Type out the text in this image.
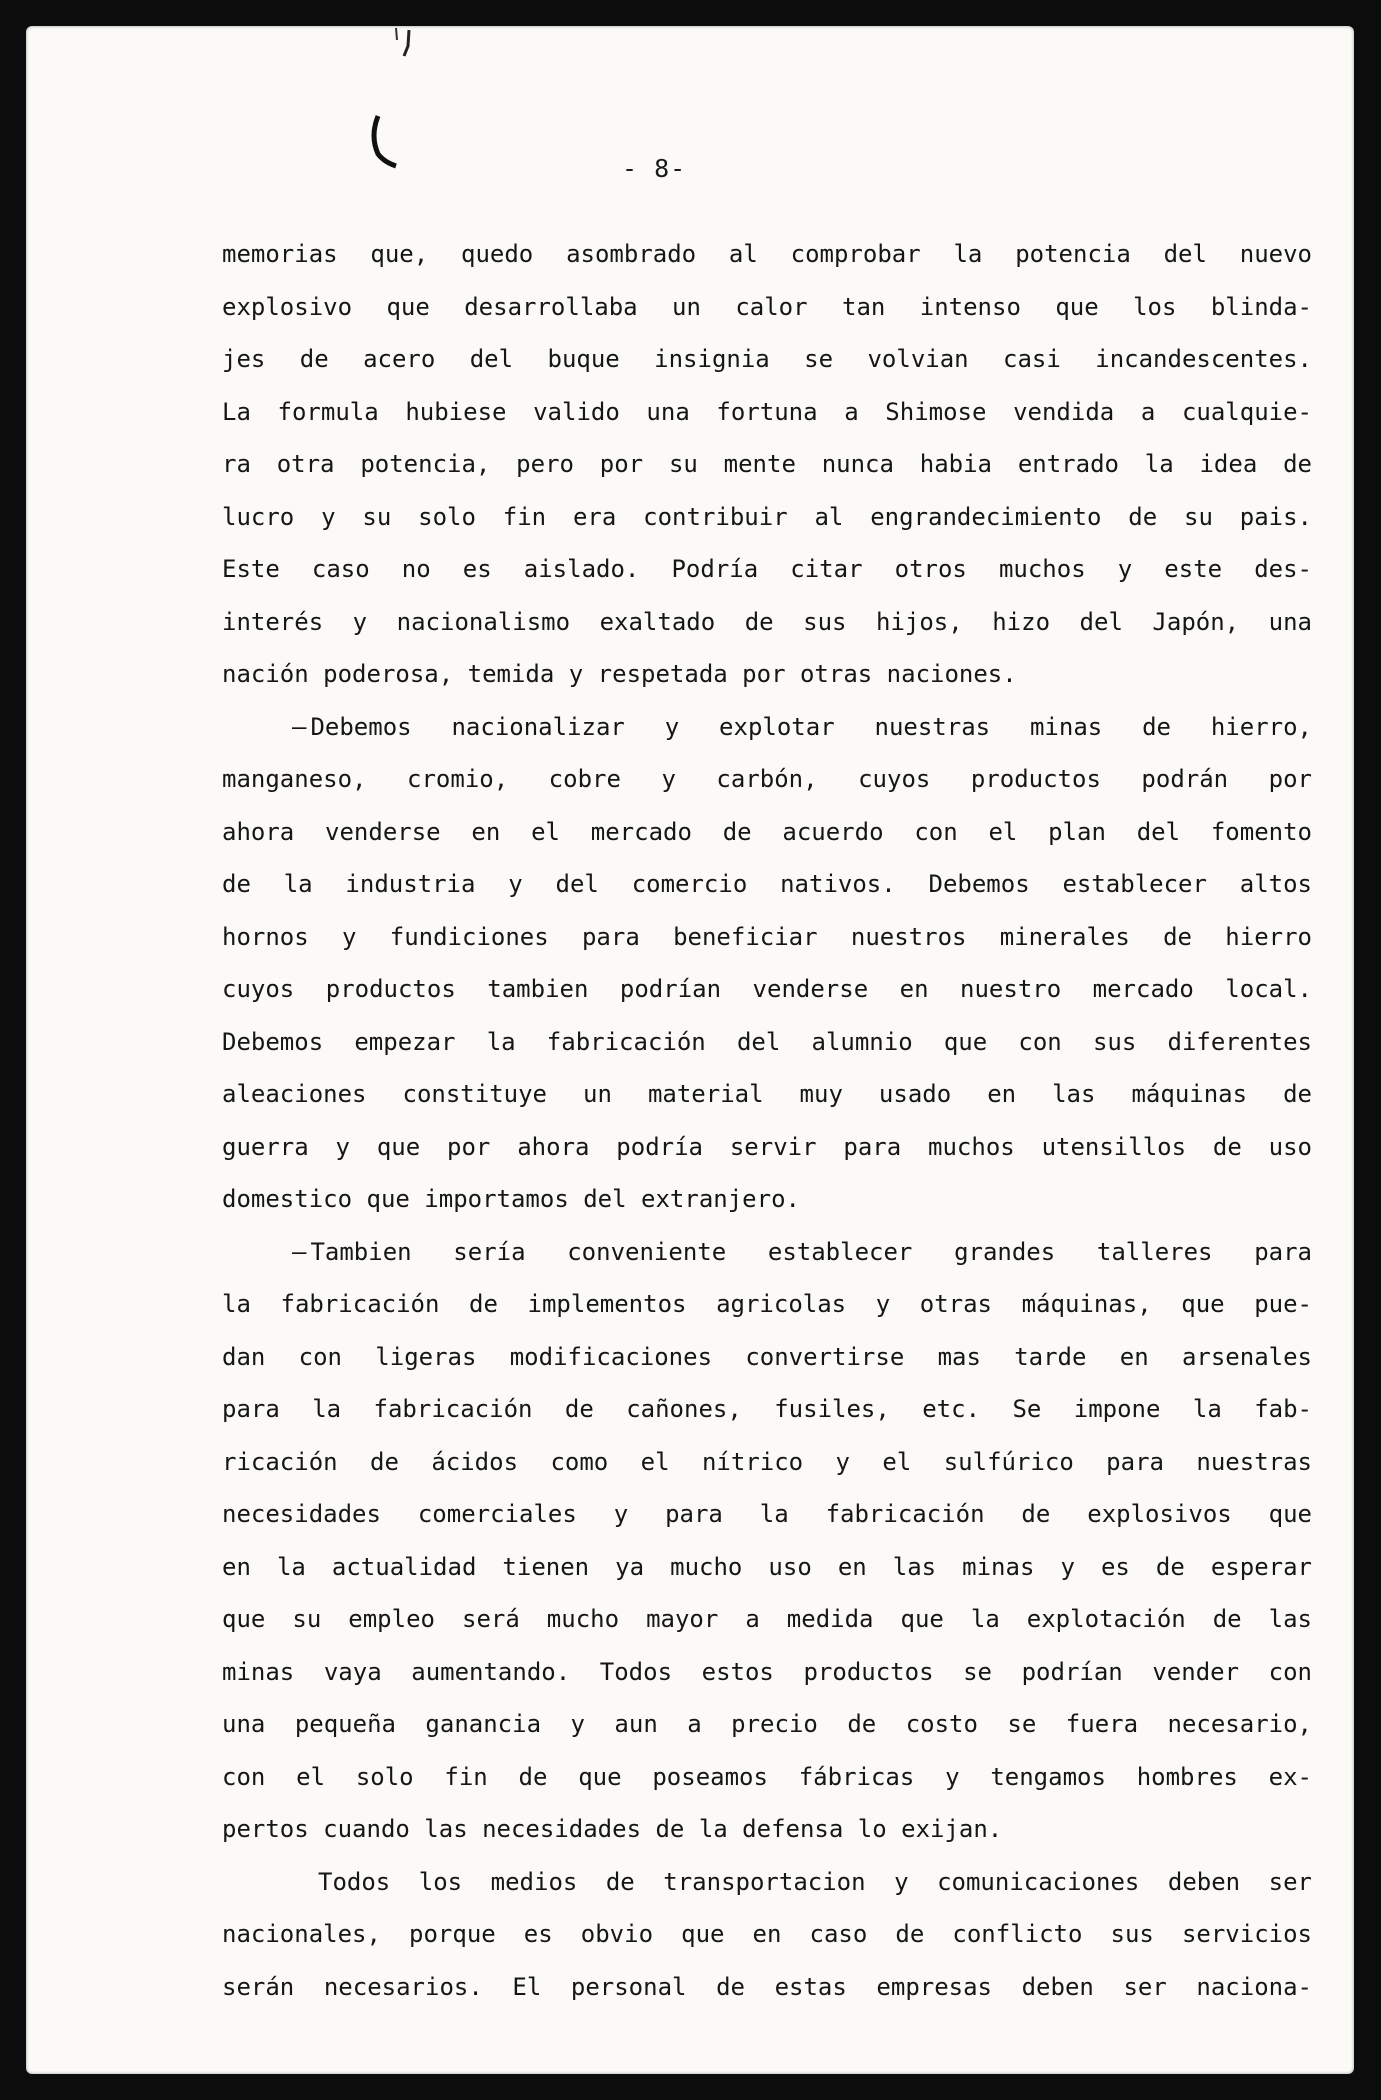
- 8-
memorias que, quedo asombrado al comprobar la potencia del nuevo
explosivo que desarrollaba un calor tan intenso que los blinda-
jes de acero del buque insignia se volvian casi incandescentes.
La formula hubiese valido una fortuna a Shimose vendida a cualquie-
ra otra potencia, pero por su mente nunca habia entrado la idea de
lucro y su solo fin era contribuir al engrandecimiento de su pais.
Este caso no es aislado. Podría citar otros muchos y este des-
interés y nacionalismo exaltado de sus hijos, hizo del Japón, una
nación poderosa, temida y respetada por otras naciones.
– Debemos nacionalizar y explotar nuestras minas de hierro,
manganeso, cromio, cobre y carbón, cuyos productos podrán por
ahora venderse en el mercado de acuerdo con el plan del fomento
de la industria y del comercio nativos. Debemos establecer altos
hornos y fundiciones para beneficiar nuestros minerales de hierro
cuyos productos tambien podrían venderse en nuestro mercado local.
Debemos empezar la fabricación del alumnio que con sus diferentes
aleaciones constituye un material muy usado en las máquinas de
guerra y que por ahora podría servir para muchos utensillos de uso
domestico que importamos del extranjero.
– Tambien sería conveniente establecer grandes talleres para
la fabricación de implementos agricolas y otras máquinas, que pue-
dan con ligeras modificaciones convertirse mas tarde en arsenales
para la fabricación de cañones, fusiles, etc. Se impone la fab-
ricación de ácidos como el nítrico y el sulfúrico para nuestras
necesidades comerciales y para la fabricación de explosivos que
en la actualidad tienen ya mucho uso en las minas y es de esperar
que su empleo será mucho mayor a medida que la explotación de las
minas vaya aumentando. Todos estos productos se podrían vender con
una pequeña ganancia y aun a precio de costo se fuera necesario,
con el solo fin de que poseamos fábricas y tengamos hombres ex-
pertos cuando las necesidades de la defensa lo exijan.
Todos los medios de transportacion y comunicaciones deben ser
nacionales, porque es obvio que en caso de conflicto sus servicios
serán necesarios. El personal de estas empresas deben ser naciona-
